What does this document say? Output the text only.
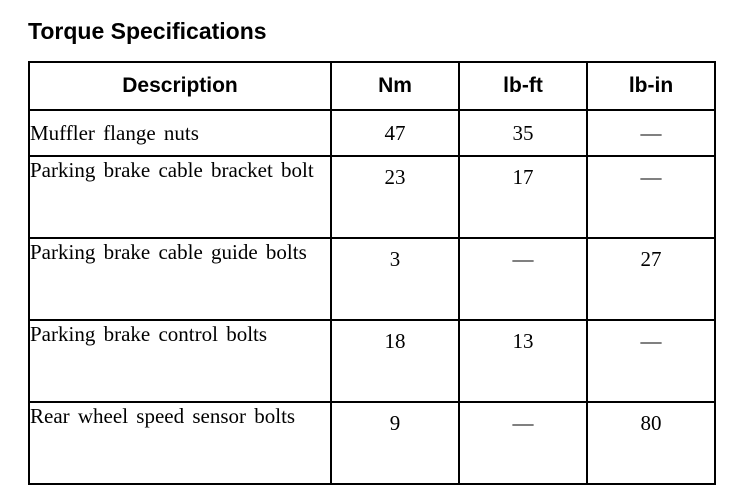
Torque Specifications
Description	Nm	lb-ft	lb-in
Muffler flange nuts	47	35	—
Parking brake cable bracket bolt	23	17	—
Parking brake cable guide bolts	3	—	27
Parking brake control bolts	18	13	—
Rear wheel speed sensor bolts	9	—	80
